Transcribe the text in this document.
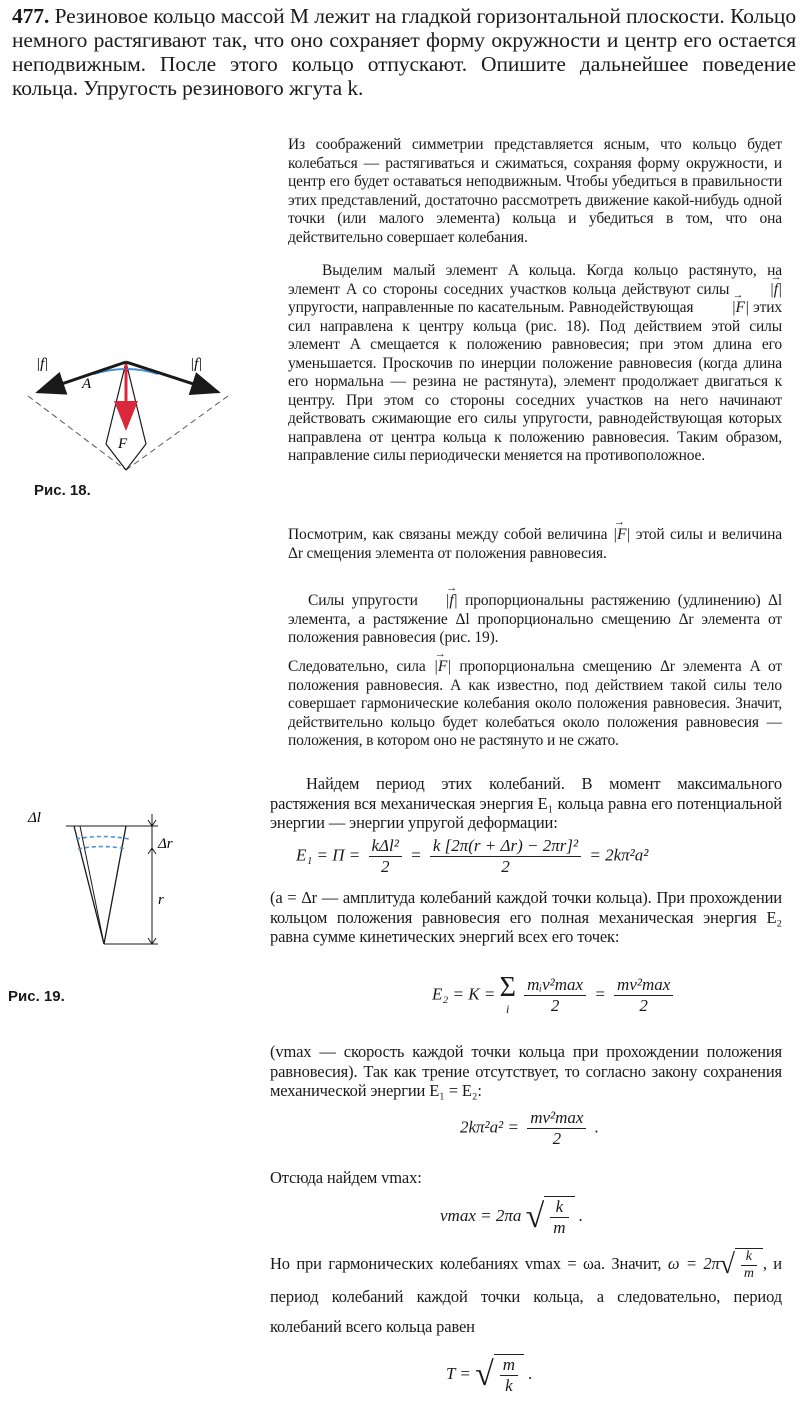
477. Резиновое кольцо массой M лежит на гладкой горизонтальной плоскости. Кольцо немного растягивают так, что оно сохраняет форму окружности и центр его остается неподвижным. После этого кольцо отпускают. Опишите дальнейшее поведение кольца. Упругость резинового жгута k.
Из соображений симметрии представляется ясным, что кольцо будет колебаться — растягиваться и сжиматься, сохраняя форму окружности, и центр его будет оставаться неподвижным. Чтобы убедиться в правильности этих представлений, достаточно рассмотреть движение какой-нибудь одной точки (или малого элемента) кольца и убедиться в том, что она действительно совершает колебания.
Выделим малый элемент A кольца. Когда кольцо растянуто, на элемент A со стороны соседних участков кольца действуют силы	→ |f| упругости, направленные по касательным. Равнодействующая → |F| этих сил направлена к центру кольца (рис. 18). Под действием этой силы элемент A смещается к положению равновесия; при этом длина его уменьшается. Проскочив по инерции положение равновесия (когда длина его нормальна — резина не растянута), элемент продолжает двигаться к центру. При этом со стороны соседних участков на него начинают действовать сжимающие его силы упругости, равнодействующая которых направлена от центра кольца к положению равновесия. Таким образом, направление силы периодически меняется на противоположное.
Посмотрим, как связаны между собой величина → |F| этой силы и величина Δr смещения элемента от положения равновесия.
Силы упругости → |f| пропорциональны растяжению (удлинению) Δl элемента, а растяжение Δl пропорционально смещению Δr элемента от положения равновесия (рис. 19).
Следовательно, сила → |F| пропорциональна смещению Δr элемента A от положения равновесия. А как известно, под действием такой силы тело совершает гармонические колебания около положения равновесия. Значит, действительно кольцо будет колебаться около положения равновесия — положения, в котором оно не растянуто и не сжато.
Найдем период этих колебаний. В момент максимального растяжения вся механическая энергия E₁ кольца равна его потенциальной энергии — энергии упругой деформации:
$E_1 = П = \frac{\text{kΔl²}}{2} = \frac{\text{k [2π(r + Δr) − 2πr]²}}{2} = 2k\pi^2a^2$
(a = Δr — амплитуда колебаний каждой точки кольца). При прохождении кольцом положения равновесия его полная механическая энергия E₂ равна сумме кинетических энергий всех его точек:
E₂ = K = Σ
i
$\frac{\text{mᵢv²max}}{2} = \frac{\text{mv²max}}{2}$
(vmax — скорость каждой точки кольца при прохождении положения равновесия). Так как трение отсутствует, то согласно закону сохранения механической энергии E₁ = E₂:
$2k\pi^2a^2 = \frac{\text{mv²max}}{2}$ .
Отсюда найдем vmax:
vmax = 2πa √ $\frac{k}{m}$ .
Но при гармонических колебаниях vmax = ωa. Значит, $\omega = 2\pi√ \frac{k}{m}$ , и период колебаний каждой точки кольца, а следовательно, период колебаний всего кольца равен
T = √ $\frac{m}{k}$ .
|f|	|f|
A
F
Рис. 18.
Δl
Δr
r
Рис. 19.
